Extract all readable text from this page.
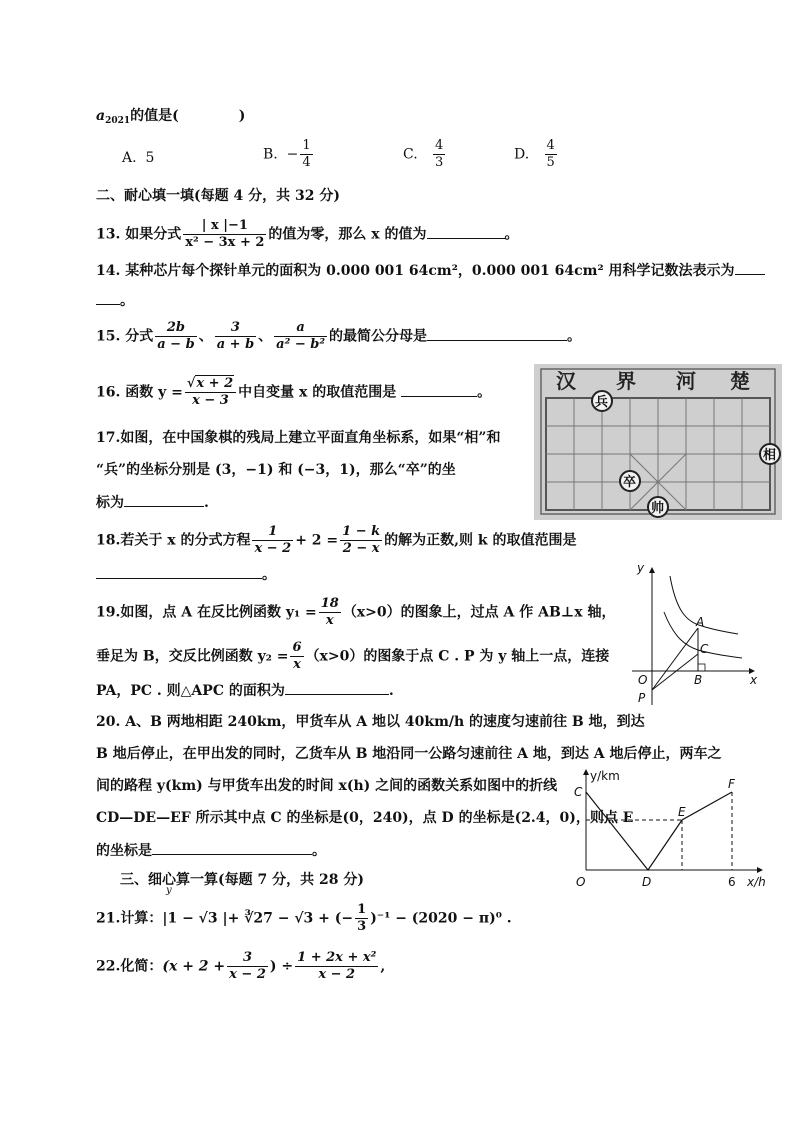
$a_{2021}$的值是(	)
A. 5	B. − $\frac{1}{4}$	C. $\frac{4}{3}$	D. $\frac{4}{5}$
二、耐心填一填(每题 4 分，共 32 分)
13. 如果分式 $\frac{| x |-1}{\text{x² − 3x + 2}}$ 的值为零，那么 x 的值为	。
14. 某种芯片每个探针单元的面积为 0.000 001 64cm²，0.000 001 64cm² 用科学记数法表示为
。
15. 分式 $\frac{2b}{a - b}$ 、 $\frac{3}{a + b}$ 、 $\frac{a}{\text{a² − b²}}$ 的最简公分母是	。
16. 函数 $y = \frac{√x + 2}{x - 3}$ 中自变量 x 的取值范围是	。
17.如图，在中国象棋的残局上建立平面直角坐标系，如果“相”和
“兵”的坐标分别是 (3，−1) 和 (−3，1)，那么“卒”的坐
标为	.
汉 界 河 楚
兵
相
卒
帅
18.若关于 x 的分式方程 $\frac{1}{x - 2} + 2 = \frac{1 - k}{2 - x}$ 的解为正数,则 k 的取值范围是
。
19.如图，点 A 在反比例函数 $y_1 = \frac{18}{x} (x>0)$的图象上，过点 A 作 AB⊥x 轴，
垂足为 B，交反比例函数 $y_2 = \frac{6}{x} (x>0)$的图象于点 C . P 为 y 轴上一点，连接
PA，PC . 则△APC 的面积为	.
y
x
O
A
B
C
P
20. A、B 两地相距 240km，甲货车从 A 地以 40km/h 的速度匀速前往 B 地，到达
B 地后停止，在甲出发的同时，乙货车从 B 地沿同一公路匀速前往 A 地，到达 A 地后停止，两车之
间的路程 y(km) 与甲货车出发的时间 x(h) 之间的函数关系如图中的折线
CD—DE—EF 所示其中点 C 的坐标是(0，240)，点 D 的坐标是(2.4，0)，则点 E
的坐标是	。
y/km
x/h
O
C
D
E
F
6
三、细心算一算(每题 7 分，共 28 分)
y
21.计算：|1 − √3 |+ ∛27 − √3 + (− $\frac{1}{3} )^{-1} - (2020 - \pi)^0$ .
22.化简：($x + 2 + \frac{3}{x - 2}$ ) ÷ $\frac{\text{1 + 2x + x²}}{x - 2}$ ,
